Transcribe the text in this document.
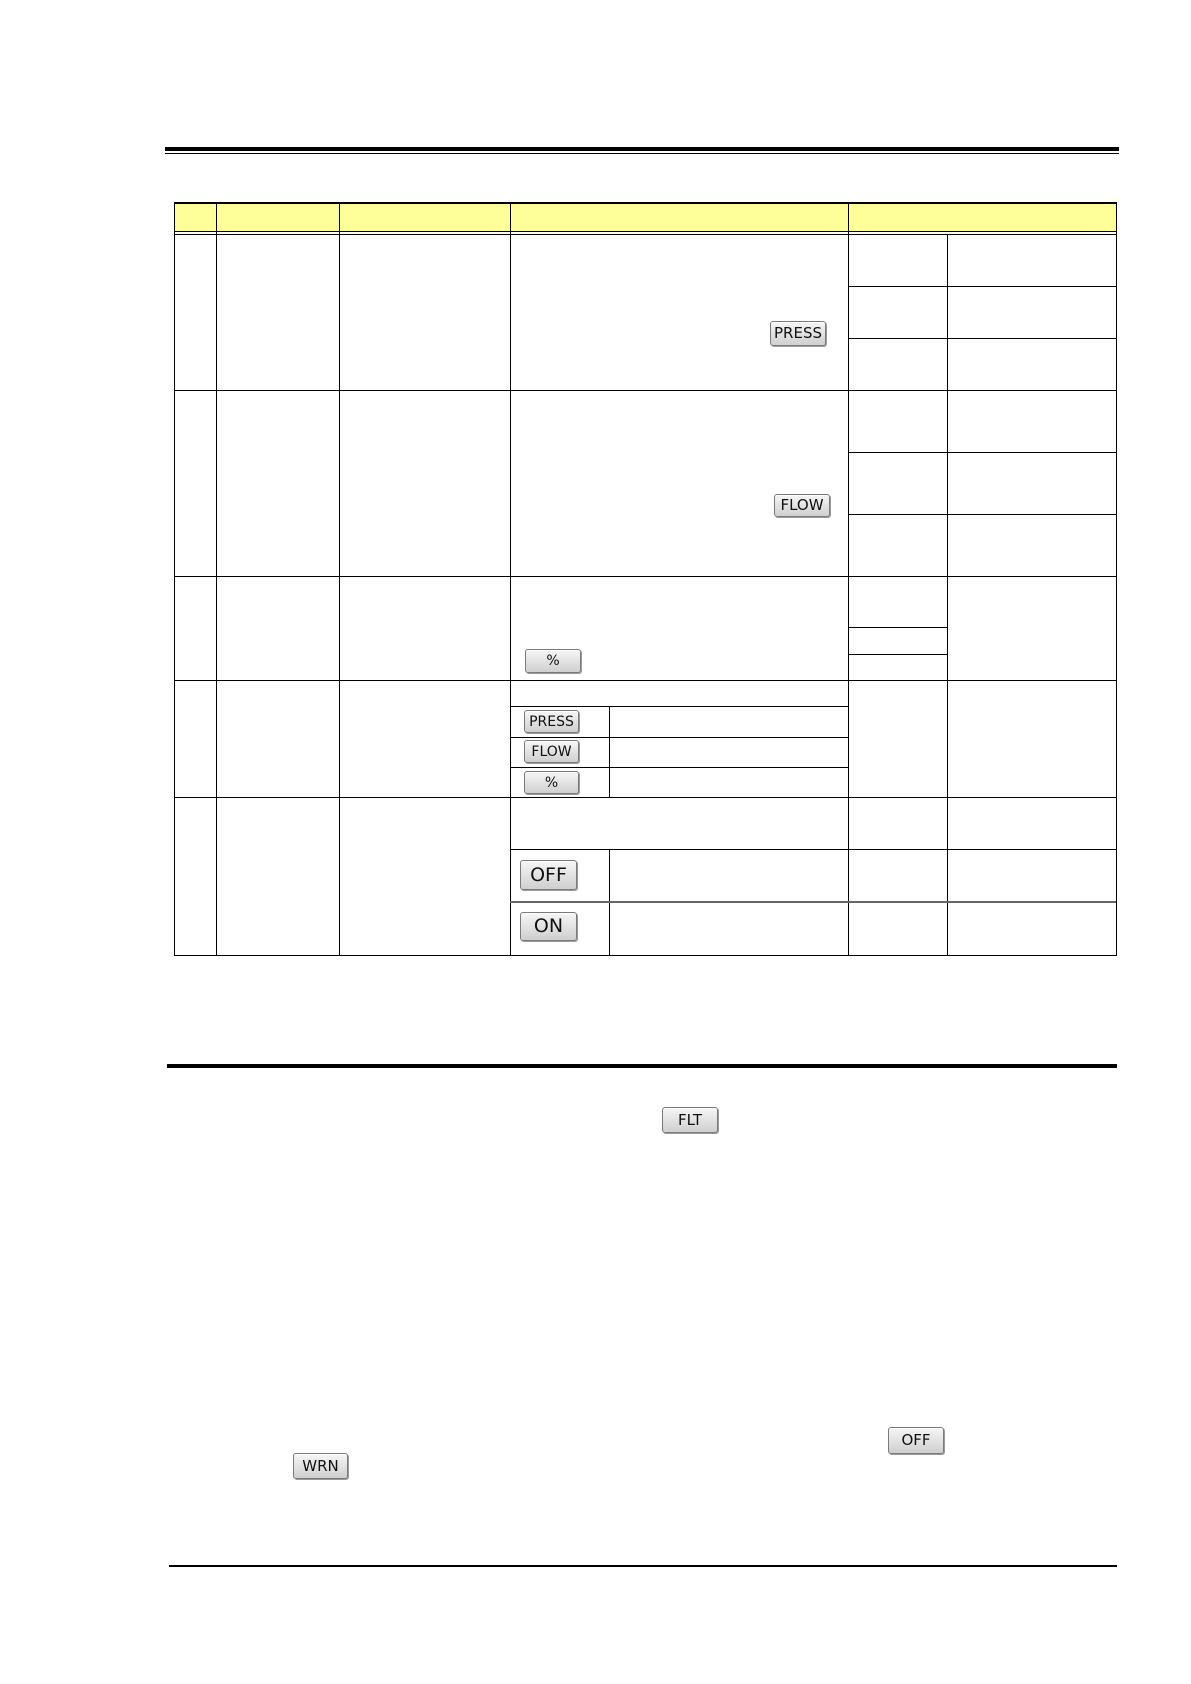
PRESS
FLOW
%
PRESS
FLOW
%
OFF
ON
FLT
OFF
WRN
